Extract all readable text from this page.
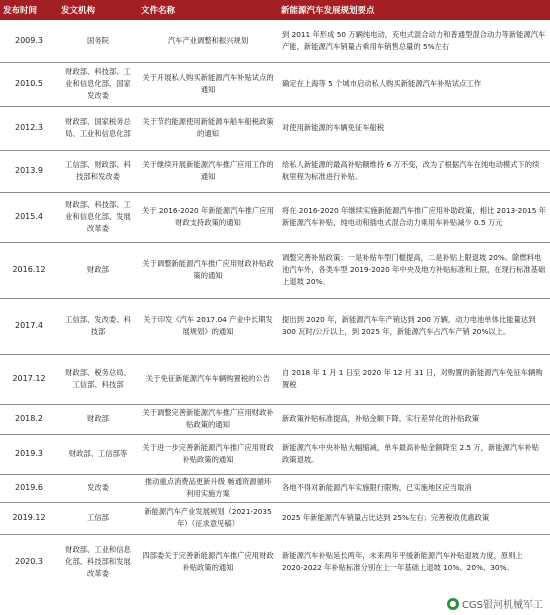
发布时间	发文机构	文件名称	新能源汽车发展规划要点
2009.3	国务院	汽车产业调整和振兴规划	到 2011 年形成 50 万辆纯电动，充电式混合动力和普通型混合动力等新能源汽车产能，新能源汽车销量占乘用车销售总量的 5%左右
2010.5	财政部、科技部、工业和信息化部、国家发改委	关于开展私人购买新能源汽车补贴试点的通知	确定在上海等 5 个城市启动私人购买新能源汽车补贴试点工作
2012.3	财政部、国家税务总局、工业和信息化部	关于节约能源使用新能源车船车船税政策的通知	对使用新能源的车辆免征车船税
2013.9	工信部、财政部、科技部和发改委	关于继续开展新能源汽车推广应用工作的通知	给私人新能源的最高补贴额维持 6 万不变，改为了根据汽车在纯电动模式下的续航里程为标准进行补贴。
2015.4	财政部、科技部、工业和信息化部、发展改革委	关于 2016-2020 年新能源汽车推广应用财政支持政策的通知	将在 2016-2020 年继续实施新能源汽车推广应用补助政策，相比 2013-2015 年新能源汽车补贴，纯电动和插电式混合动力乘用车补贴减少 0.5 万元
2016.12	财政部	关于调整新能源汽车推广应用财政补贴政策的通知	调整完善补贴政策：一是补贴车型门槛提高，二是补贴上限退坡 20%。除燃料电池汽车外，各类车型 2019-2020 年中央及地方补贴标准和上限，在现行标准基础上退坡 20%。
2017.4	工信部、发改委、科技部	关于印发《汽车 2017.04 产业中长期发展规划》的通知	提出到 2020 年，新能源汽车年产销达到 200 万辆，动力电池单体比能量达到 300 瓦时/公斤以上，到 2025 年，新能源汽车占汽车产销 20%以上。
2017.12	财政部、税务总局、工信部、科技部	关于免征新能源汽车车辆购置税的公告	自 2018 年 1 月 1 日至 2020 年 12 月 31 日，对购置的新能源汽车免征车辆购置税
2018.2	财政部	关于调整完善新能源汽车推广应用财政补贴政策的通知	新政策补贴标准提高，补贴金额下降，实行差异化的补贴政策
2019.3	财政部、工信部等	关于进一步完善新能源汽车推广应用财政补贴政策的通知	新能源汽车中央补贴大幅缩减，单车最高补贴金额降至 2.5 万，新能源汽车补贴政策退坡。
2019.6	发改委	推动重点消费品更新升级 畅通资源循环利用实施方案	各地不得对新能源汽车实施限行限购，已实施地区应当取消
2019.12	工信部	新能源汽车产业发展规划（2021-2035 年）（征求意见稿）	2025 年新能源汽车销量占比达到 25%左右；完善税收优惠政策
2020.3	财政部、工业和信息化部、科技部和发展改革委	四部委关于完善新能源汽车推广应用财政补贴政策的通知	新能源汽车补贴延长两年，未来两年平缓新能源汽车补贴退坡力度，原则上 2020-2022 年补贴标准分别在上一年基础上退坡 10%、20%、30%。
● CGS银河机械军工
